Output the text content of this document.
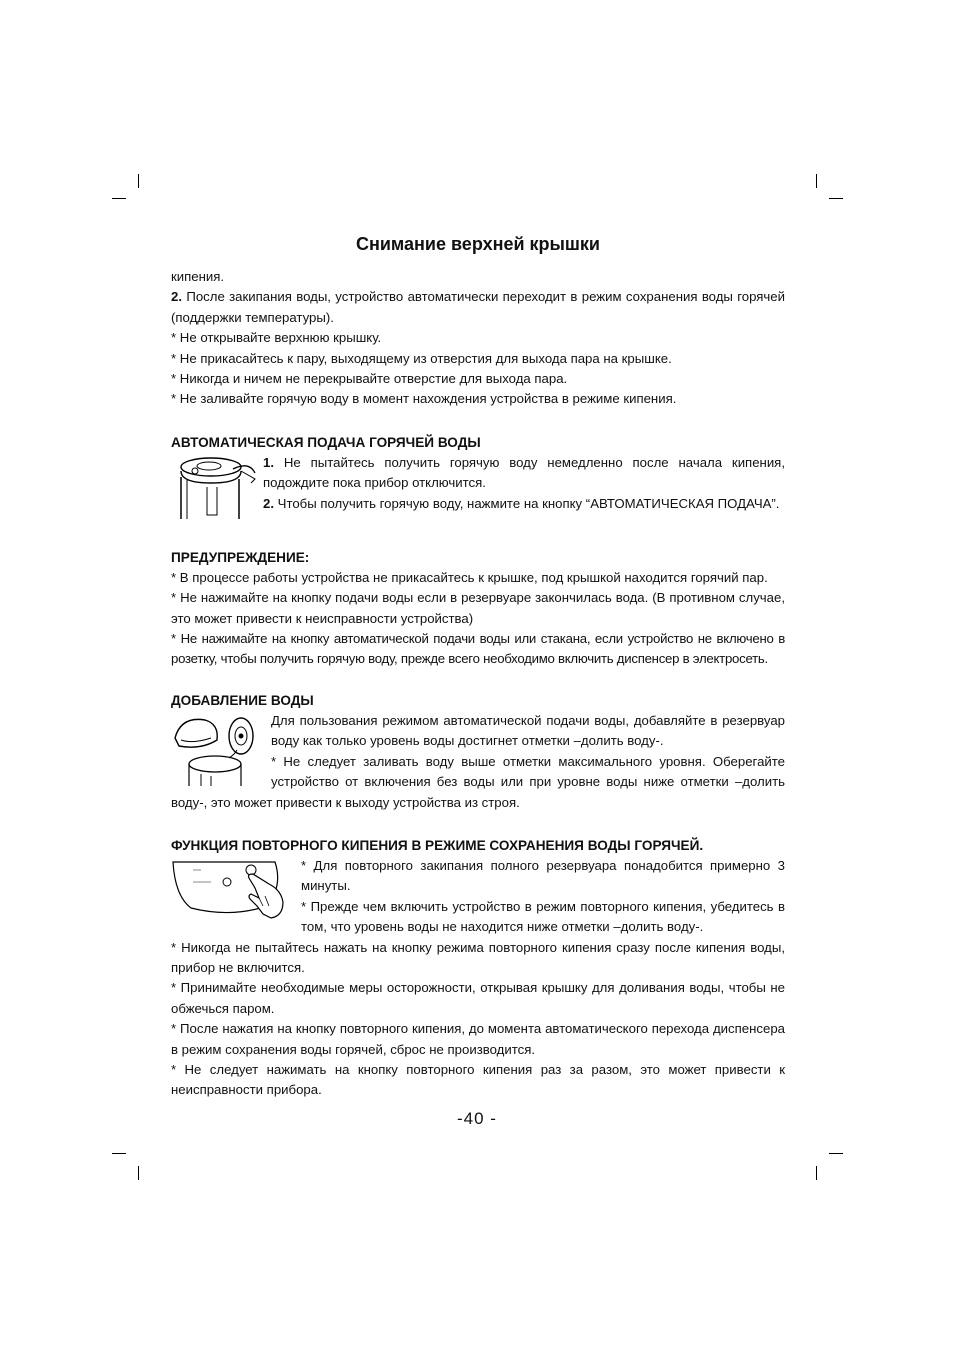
Снимание верхней крышки

кипения.

2. После закипания воды, устройство автоматически переходит в режим сохранения воды горячей (поддержки температуры).

* Не открывайте верхнюю крышку.

* Не прикасайтесь к пару, выходящему из отверстия для выхода пара на крышке.

* Никогда и ничем не перекрывайте отверстие для выхода пара.

* Не заливайте горячую воду в момент нахождения устройства в режиме кипения.

АВТОМАТИЧЕСКАЯ ПОДАЧА ГОРЯЧЕЙ ВОДЫ

1. Не пытайтесь получить горячую воду немедленно после начала кипения, подождите пока прибор отключится.

2. Чтобы получить горячую воду, нажмите на кнопку “АВТОМАТИЧЕСКАЯ ПОДАЧА”.

ПРЕДУПРЕЖДЕНИЕ:

* В процессе работы устройства не прикасайтесь к крышке, под крышкой находится горячий пар.

* Не нажимайте на кнопку подачи воды если в резервуаре закончилась вода. (В противном случае, это может привести к неисправности устройства)

* Не нажимайте на кнопку автоматической подачи воды или стакана, если устройство не включено в розетку, чтобы получить горячую воду, прежде всего необходимо включить диспенсер в электросеть.

ДОБАВЛЕНИЕ ВОДЫ

Для пользования режимом автоматической подачи воды, добавляйте в резервуар воду как только уровень воды достигнет отметки –долить воду-.

* Не следует заливать воду выше отметки максимального уровня. Оберегайте устройство от включения без воды или при уровне воды ниже отметки –долить воду-, это может привести к выходу устройства из строя.

ФУНКЦИЯ ПОВТОРНОГО КИПЕНИЯ В РЕЖИМЕ СОХРАНЕНИЯ ВОДЫ ГОРЯЧЕЙ.

* Для повторного закипания полного резервуара понадобится примерно 3 минуты.

* Прежде чем включить устройство в режим повторного кипения, убедитесь в том, что уровень воды не находится ниже отметки –долить воду-.

* Никогда не пытайтесь нажать на кнопку режима повторного кипения сразу после кипения воды, прибор не включится.

* Принимайте необходимые меры осторожности, открывая крышку для доливания воды, чтобы не обжечься паром.

* После нажатия на кнопку повторного кипения, до момента автоматического перехода диспенсера в режим сохранения воды горячей, сброс не производится.

* Не следует нажимать на кнопку повторного кипения раз за разом, это может привести к неисправности прибора.

-40 -
